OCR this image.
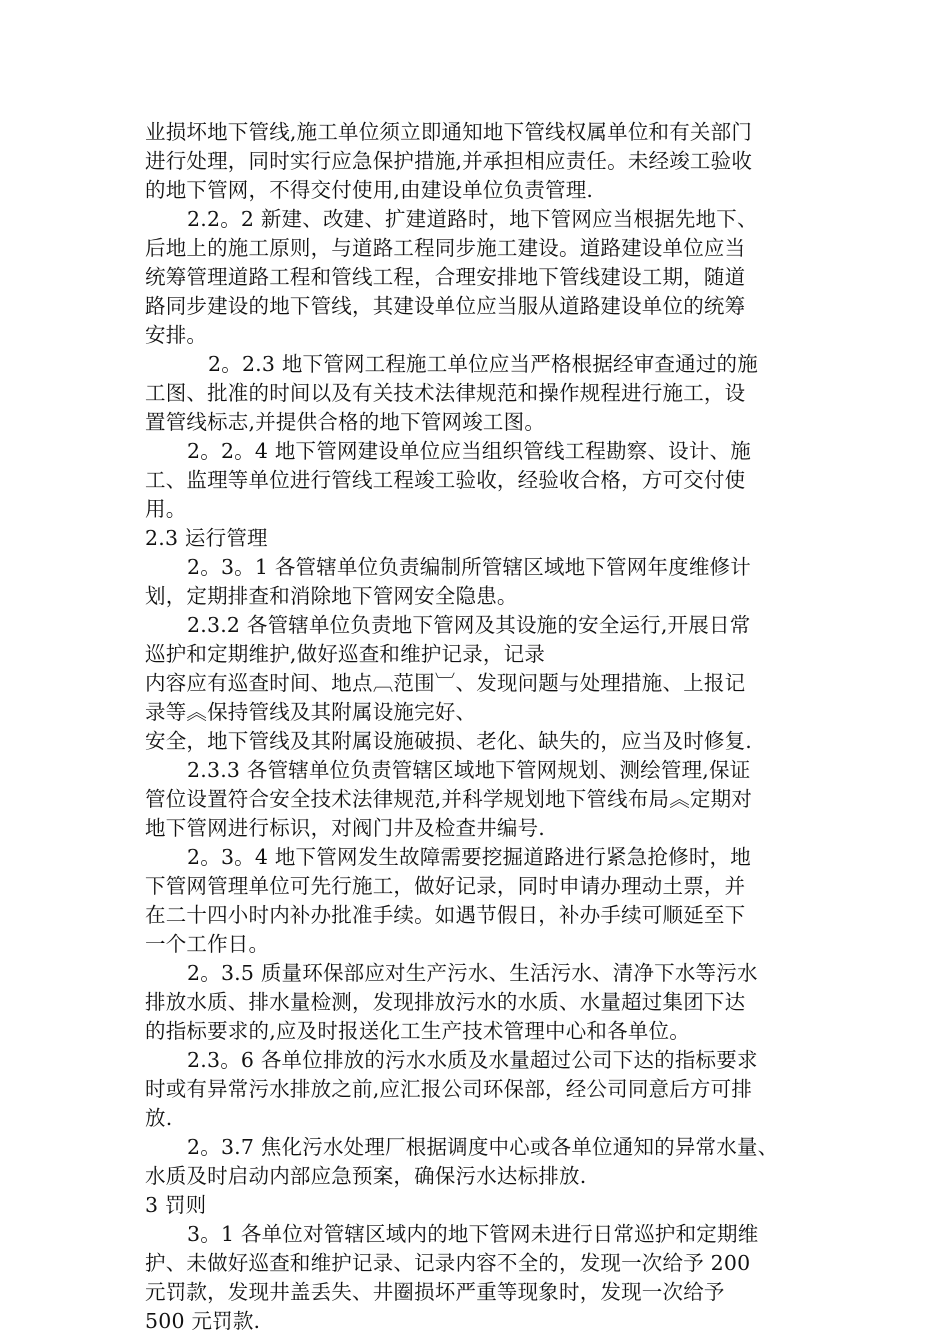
业损坏地下管线,施工单位须立即通知地下管线权属单位和有关部门

进行处理，同时实行应急保护措施,并承担相应责任。未经竣工验收

的地下管网，不得交付使用,由建设单位负责管理.

2.2。2 新建、改建、扩建道路时，地下管网应当根据先地下、

后地上的施工原则，与道路工程同步施工建设。道路建设单位应当

统筹管理道路工程和管线工程，合理安排地下管线建设工期，随道

路同步建设的地下管线，其建设单位应当服从道路建设单位的统筹

安排。

2。2.3 地下管网工程施工单位应当严格根据经审查通过的施

工图、批准的时间以及有关技术法律规范和操作规程进行施工，设

置管线标志,并提供合格的地下管网竣工图。

2。2。4 地下管网建设单位应当组织管线工程勘察、设计、施

工、监理等单位进行管线工程竣工验收，经验收合格，方可交付使

用。

2.3 运行管理

2。3。1 各管辖单位负责编制所管辖区域地下管网年度维修计

划，定期排查和消除地下管网安全隐患。

2.3.2 各管辖单位负责地下管网及其设施的安全运行,开展日常

巡护和定期维护,做好巡查和维护记录，记录

内容应有巡查时间、地点︹范围︺、发现问题与处理措施、上报记

录等︽保持管线及其附属设施完好、

安全，地下管线及其附属设施破损、老化、缺失的，应当及时修复.

2.3.3 各管辖单位负责管辖区域地下管网规划、测绘管理,保证

管位设置符合安全技术法律规范,并科学规划地下管线布局︽定期对

地下管网进行标识，对阀门井及检查井编号.

2。3。4 地下管网发生故障需要挖掘道路进行紧急抢修时，地

下管网管理单位可先行施工，做好记录，同时申请办理动土票，并

在二十四小时内补办批准手续。如遇节假日，补办手续可顺延至下

一个工作日。

2。3.5 质量环保部应对生产污水、生活污水、清净下水等污水

排放水质、排水量检测，发现排放污水的水质、水量超过集团下达

的指标要求的,应及时报送化工生产技术管理中心和各单位。

2.3。6 各单位排放的污水水质及水量超过公司下达的指标要求

时或有异常污水排放之前,应汇报公司环保部，经公司同意后方可排

放.

2。3.7 焦化污水处理厂根据调度中心或各单位通知的异常水量、

水质及时启动内部应急预案，确保污水达标排放.

3 罚则

3。1 各单位对管辖区域内的地下管网未进行日常巡护和定期维

护、未做好巡查和维护记录、记录内容不全的，发现一次给予 200

元罚款，发现井盖丢失、井圈损坏严重等现象时，发现一次给予

500 元罚款.
